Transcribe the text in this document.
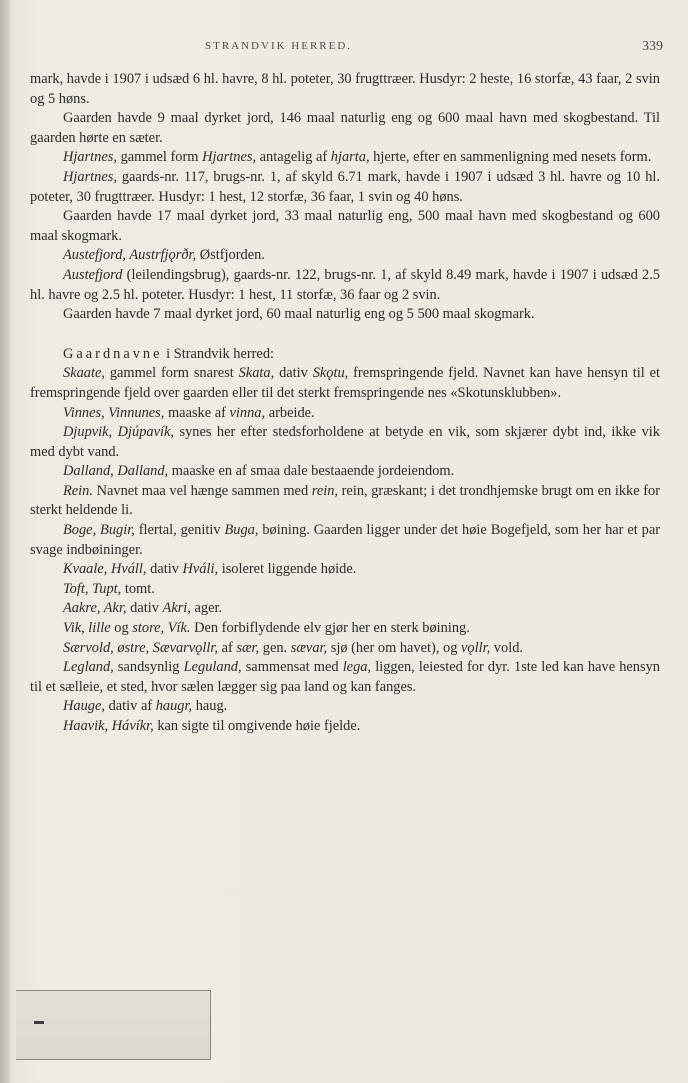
STRANDVIK HERRED.	339

mark, havde i 1907 i udsæd 6 hl. havre, 8 hl. poteter, 30 frugttræer. Husdyr: 2 heste, 16 storfæ, 43 faar, 2 svin og 5 høns.

Gaarden havde 9 maal dyrket jord, 146 maal naturlig eng og 600 maal havn med skogbestand. Til gaarden hørte en sæter.

Hjartnes, gammel form Hjartnes, antagelig af hjarta, hjerte, efter en sammenligning med nesets form.

Hjartnes, gaards-nr. 117, brugs-nr. 1, af skyld 6.71 mark, havde i 1907 i udsæd 3 hl. havre og 10 hl. poteter, 30 frugttræer. Husdyr: 1 hest, 12 storfæ, 36 faar, 1 svin og 40 høns.

Gaarden havde 17 maal dyrket jord, 33 maal naturlig eng, 500 maal havn med skogbestand og 600 maal skogmark.

Austefjord, Austrfjǫrðr, Østfjorden.

Austefjord (leilendingsbrug), gaards-nr. 122, brugs-nr. 1, af skyld 8.49 mark, havde i 1907 i udsæd 2.5 hl. havre og 2.5 hl. poteter. Husdyr: 1 hest, 11 storfæ, 36 faar og 2 svin.

Gaarden havde 7 maal dyrket jord, 60 maal naturlig eng og 5 500 maal skogmark.

Gaardnavne i Strandvik herred:

Skaate, gammel form snarest Skata, dativ Skǫtu, fremspringende fjeld. Navnet kan have hensyn til et fremspringende fjeld over gaarden eller til det sterkt fremspringende nes «Skotunsklubben».

Vinnes, Vinnunes, maaske af vinna, arbeide.

Djupvik, Djúpavík, synes her efter stedsforholdene at betyde en vik, som skjærer dybt ind, ikke vik med dybt vand.

Dalland, Dalland, maaske en af smaa dale bestaaende jordeiendom.

Rein. Navnet maa vel hænge sammen med rein, rein, græskant; i det trondhjemske brugt om en ikke for sterkt heldende li.

Boge, Bugir, flertal, genitiv Buga, bøining. Gaarden ligger under det høie Bogefjeld, som her har et par svage indbøininger.

Kvaale, Hváll, dativ Hváli, isoleret liggende høide.

Toft, Tupt, tomt.

Aakre, Akr, dativ Akri, ager.

Vik, lille og store, Vík. Den forbiflydende elv gjør her en sterk bøining.

Særvold, østre, Sævarvǫllr, af sær, gen. sævar, sjø (her om havet), og vǫllr, vold.

Legland, sandsynlig Leguland, sammensat med lega, liggen, leiested for dyr. 1ste led kan have hensyn til et sælleie, et sted, hvor sælen lægger sig paa land og kan fanges.

Hauge, dativ af haugr, haug.

Haavik, Hávíkr, kan sigte til omgivende høie fjelde.
